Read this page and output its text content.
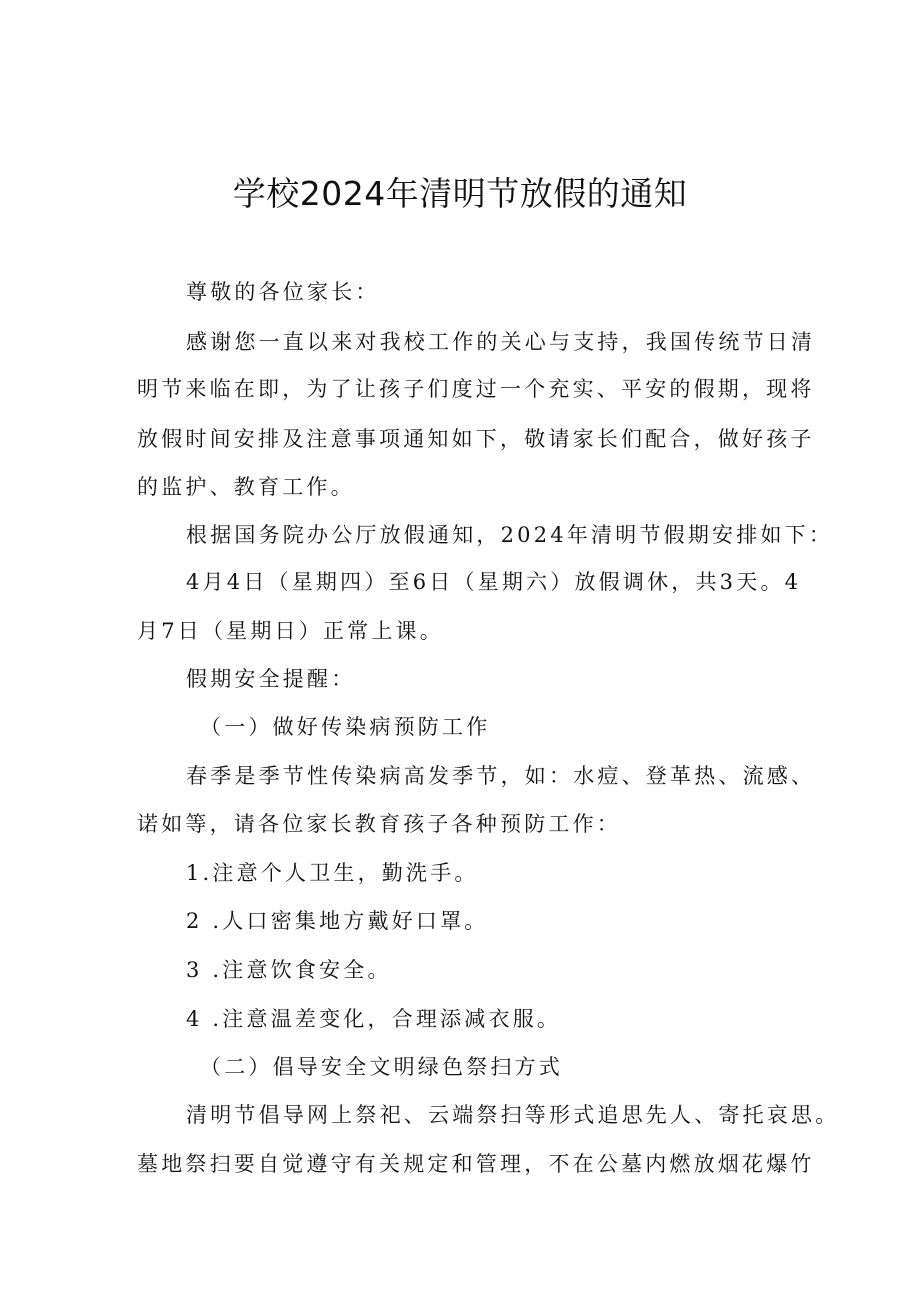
学校2024年清明节放假的通知

尊敬的各位家长：

感谢您一直以来对我校工作的关心与支持，我国传统节日清

明节来临在即，为了让孩子们度过一个充实、平安的假期，现将

放假时间安排及注意事项通知如下，敬请家长们配合，做好孩子

的监护、教育工作。

根据国务院办公厅放假通知，2024年清明节假期安排如下：

4月4日（星期四）至6日（星期六）放假调休，共3天。4

月7日（星期日）正常上课。

假期安全提醒：

（一）做好传染病预防工作

春季是季节性传染病高发季节，如：水痘、登革热、流感、

诺如等，请各位家长教育孩子各种预防工作：

1.注意个人卫生，勤洗手。

2 .人口密集地方戴好口罩。

3 .注意饮食安全。

4 .注意温差变化，合理添减衣服。

（二）倡导安全文明绿色祭扫方式

清明节倡导网上祭祀、云端祭扫等形式追思先人、寄托哀思。

墓地祭扫要自觉遵守有关规定和管理，不在公墓内燃放烟花爆竹
